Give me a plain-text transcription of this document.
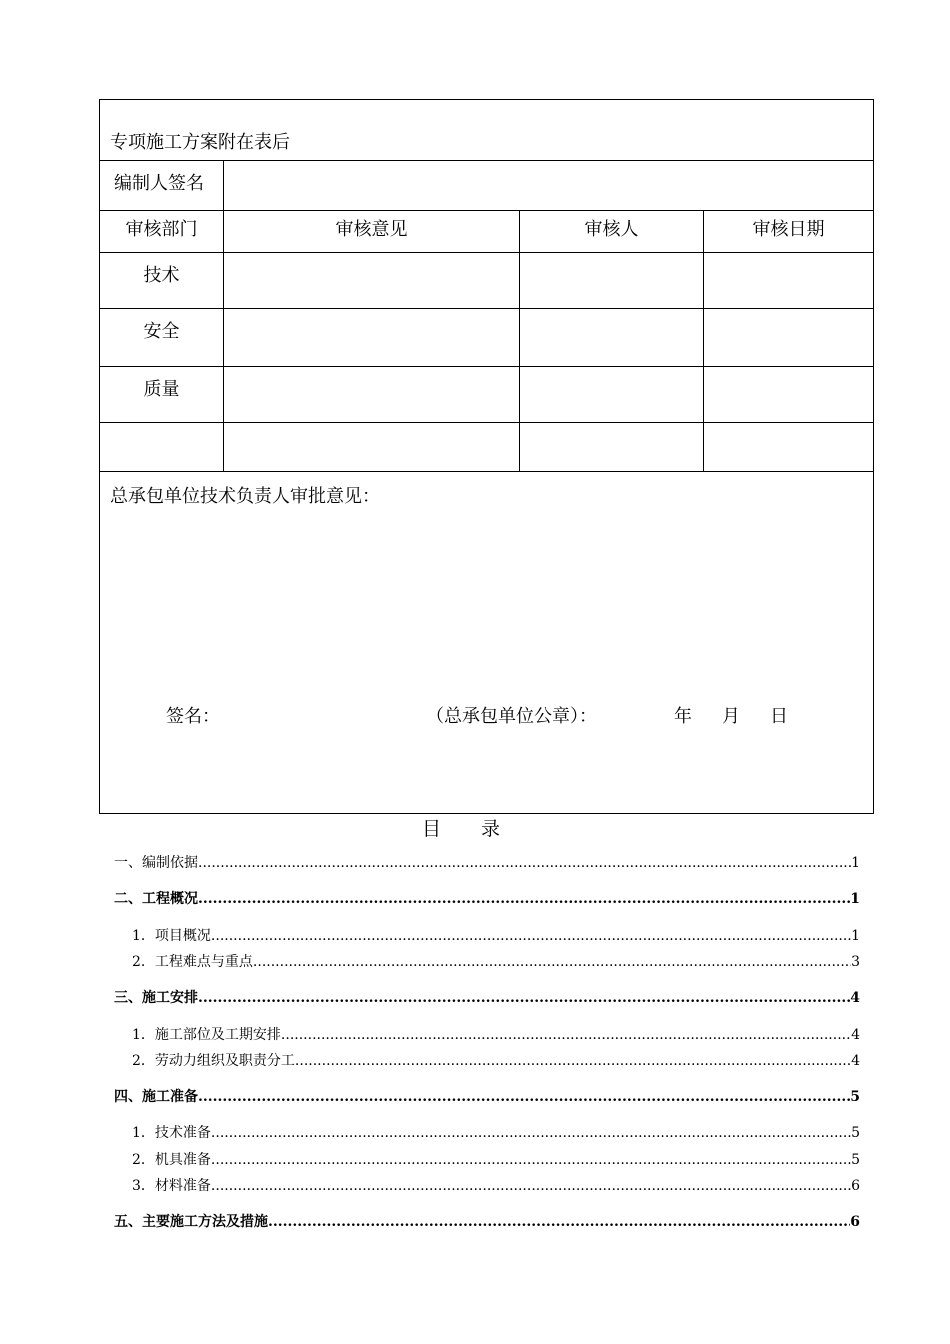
专项施工方案附在表后
编制人签名
审核部门	审核意见	审核人	审核日期
技术
安全
质量
总承包单位技术负责人审批意见：
签名：	（总承包单位公章）：	年 月 日
目录
一、编制依据 .....	1
二、工程概况 .....	1
1．项目概况 .....	1
2．工程难点与重点 .....	3
三、施工安排 .....	4
1．施工部位及工期安排 .....	4
2．劳动力组织及职责分工 .....	4
四、施工准备 .....	5
1．技术准备 .....	5
2．机具准备 .....	5
3．材料准备 .....	6
五、主要施工方法及措施 .....	6
